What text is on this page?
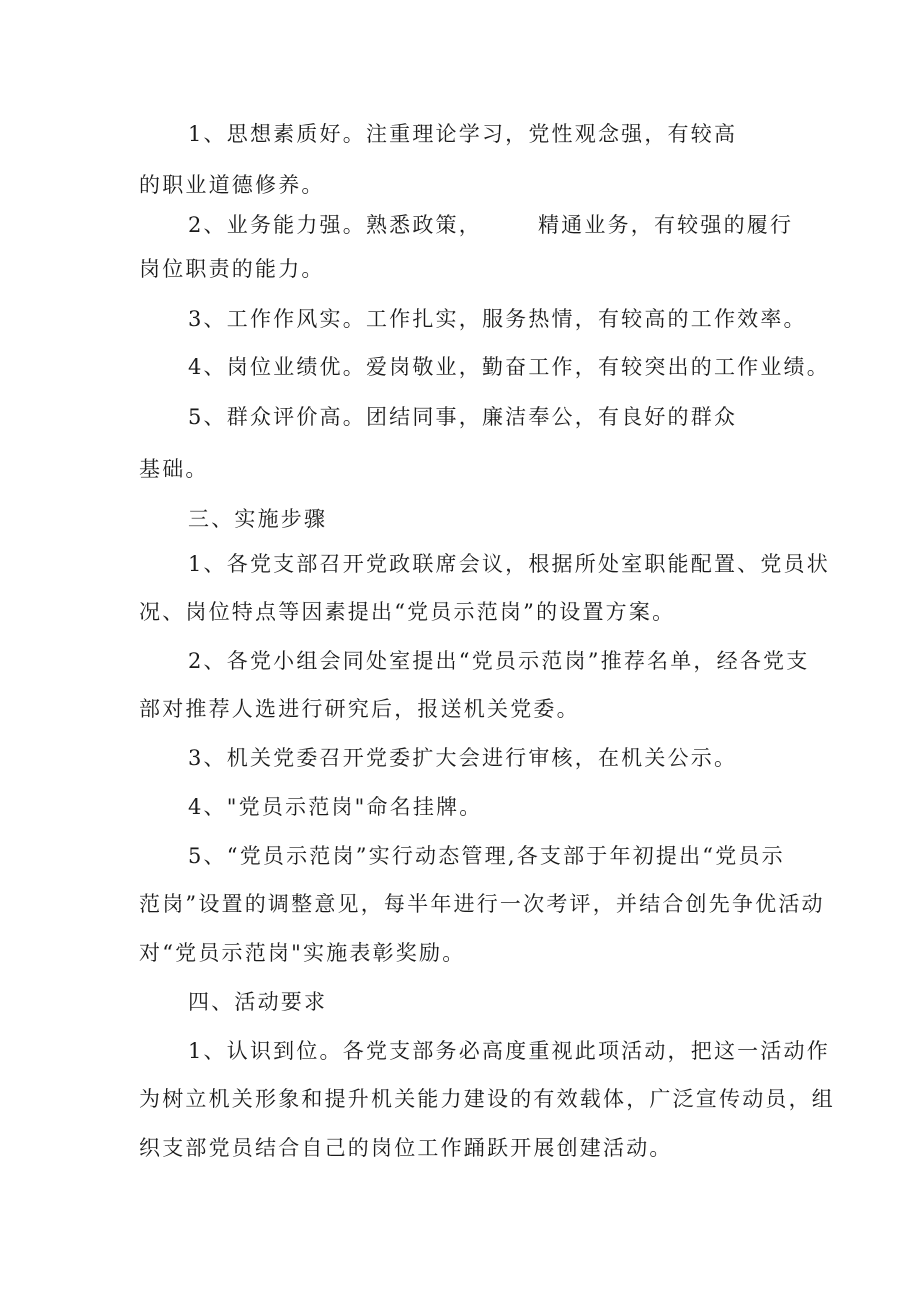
1、思想素质好。注重理论学习，党性观念强，有较高
的职业道德修养。
2、业务能力强。熟悉政策，	精通业务，有较强的履行
岗位职责的能力。
3、工作作风实。工作扎实，服务热情，有较高的工作效率。
4、岗位业绩优。爱岗敬业，勤奋工作，有较突出的工作业绩。
5、群众评价高。团结同事，廉洁奉公，有良好的群众
基础。
三、实施步骤
1、各党支部召开党政联席会议，根据所处室职能配置、党员状
况、岗位特点等因素提出“党员示范岗”的设置方案。
2、各党小组会同处室提出“党员示范岗”推荐名单，经各党支
部对推荐人选进行研究后，报送机关党委。
3、机关党委召开党委扩大会进行审核，在机关公示。
4、"党员示范岗"命名挂牌。
5、“党员示范岗”实行动态管理,各支部于年初提出“党员示
范岗”设置的调整意见，每半年进行一次考评，并结合创先争优活动
对“党员示范岗"实施表彰奖励。
四、活动要求
1、认识到位。各党支部务必高度重视此项活动，把这一活动作
为树立机关形象和提升机关能力建设的有效载体，广泛宣传动员，组
织支部党员结合自己的岗位工作踊跃开展创建活动。
